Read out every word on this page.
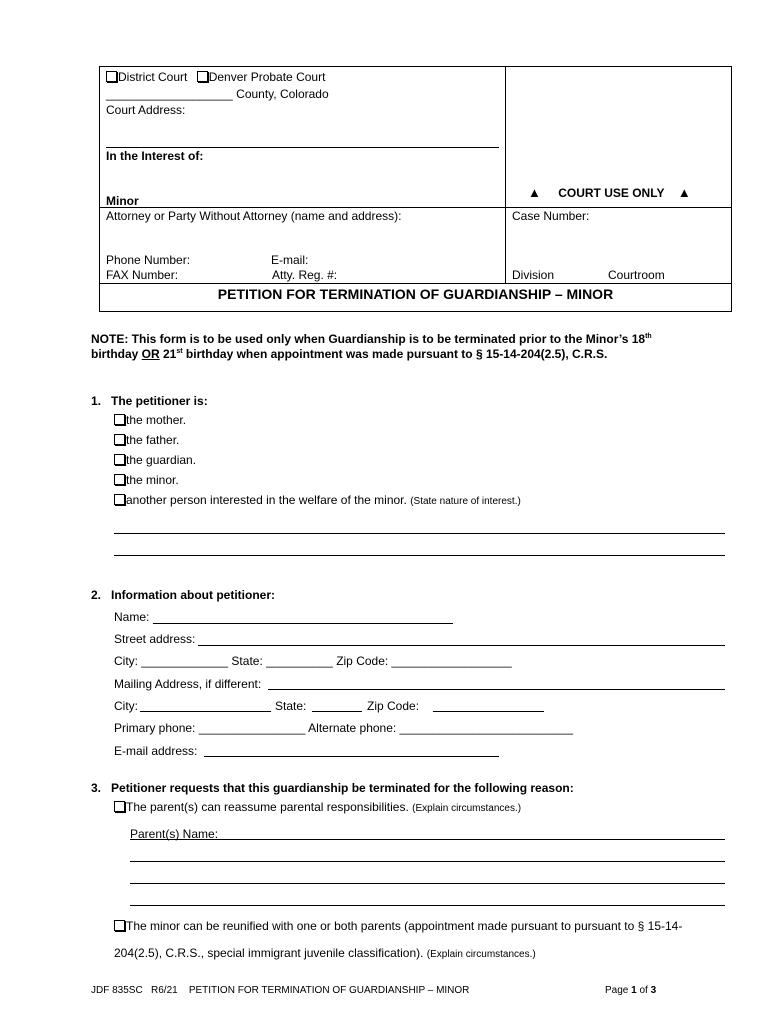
District Court Denver Probate Court
___________________ County, Colorado
Court Address:
In the Interest of:
Minor
▲ COURT USE ONLY ▲
Attorney or Party Without Attorney (name and address):	Case Number:
Phone Number:	E-mail:
FAX Number:	Atty. Reg. #:	Division	Courtroom
PETITION FOR TERMINATION OF GUARDIANSHIP – MINOR
NOTE: This form is to be used only when Guardianship is to be terminated prior to the Minor’s 18th
birthday OR 21st birthday when appointment was made pursuant to § 15-14-204(2.5), C.R.S.
1.   The petitioner is:
the mother.
the father.
the guardian.
the minor.
another person interested in the welfare of the minor. (State nature of interest.)
2.   Information about petitioner:
Name:
Street address:
City: _____________ State: __________ Zip Code: __________________
Mailing Address, if different:
City:	State:	Zip Code:
Primary phone: ________________ Alternate phone: __________________________
E-mail address:
3.   Petitioner requests that this guardianship be terminated for the following reason:
The parent(s) can reassume parental responsibilities. (Explain circumstances.)
Parent(s) Name:
The minor can be reunified with one or both parents (appointment made pursuant to pursuant to § 15-14-
204(2.5), C.R.S., special immigrant juvenile classification). (Explain circumstances.)
JDF 835SC   R6/21    PETITION FOR TERMINATION OF GUARDIANSHIP – MINOR	Page 1 of 3
